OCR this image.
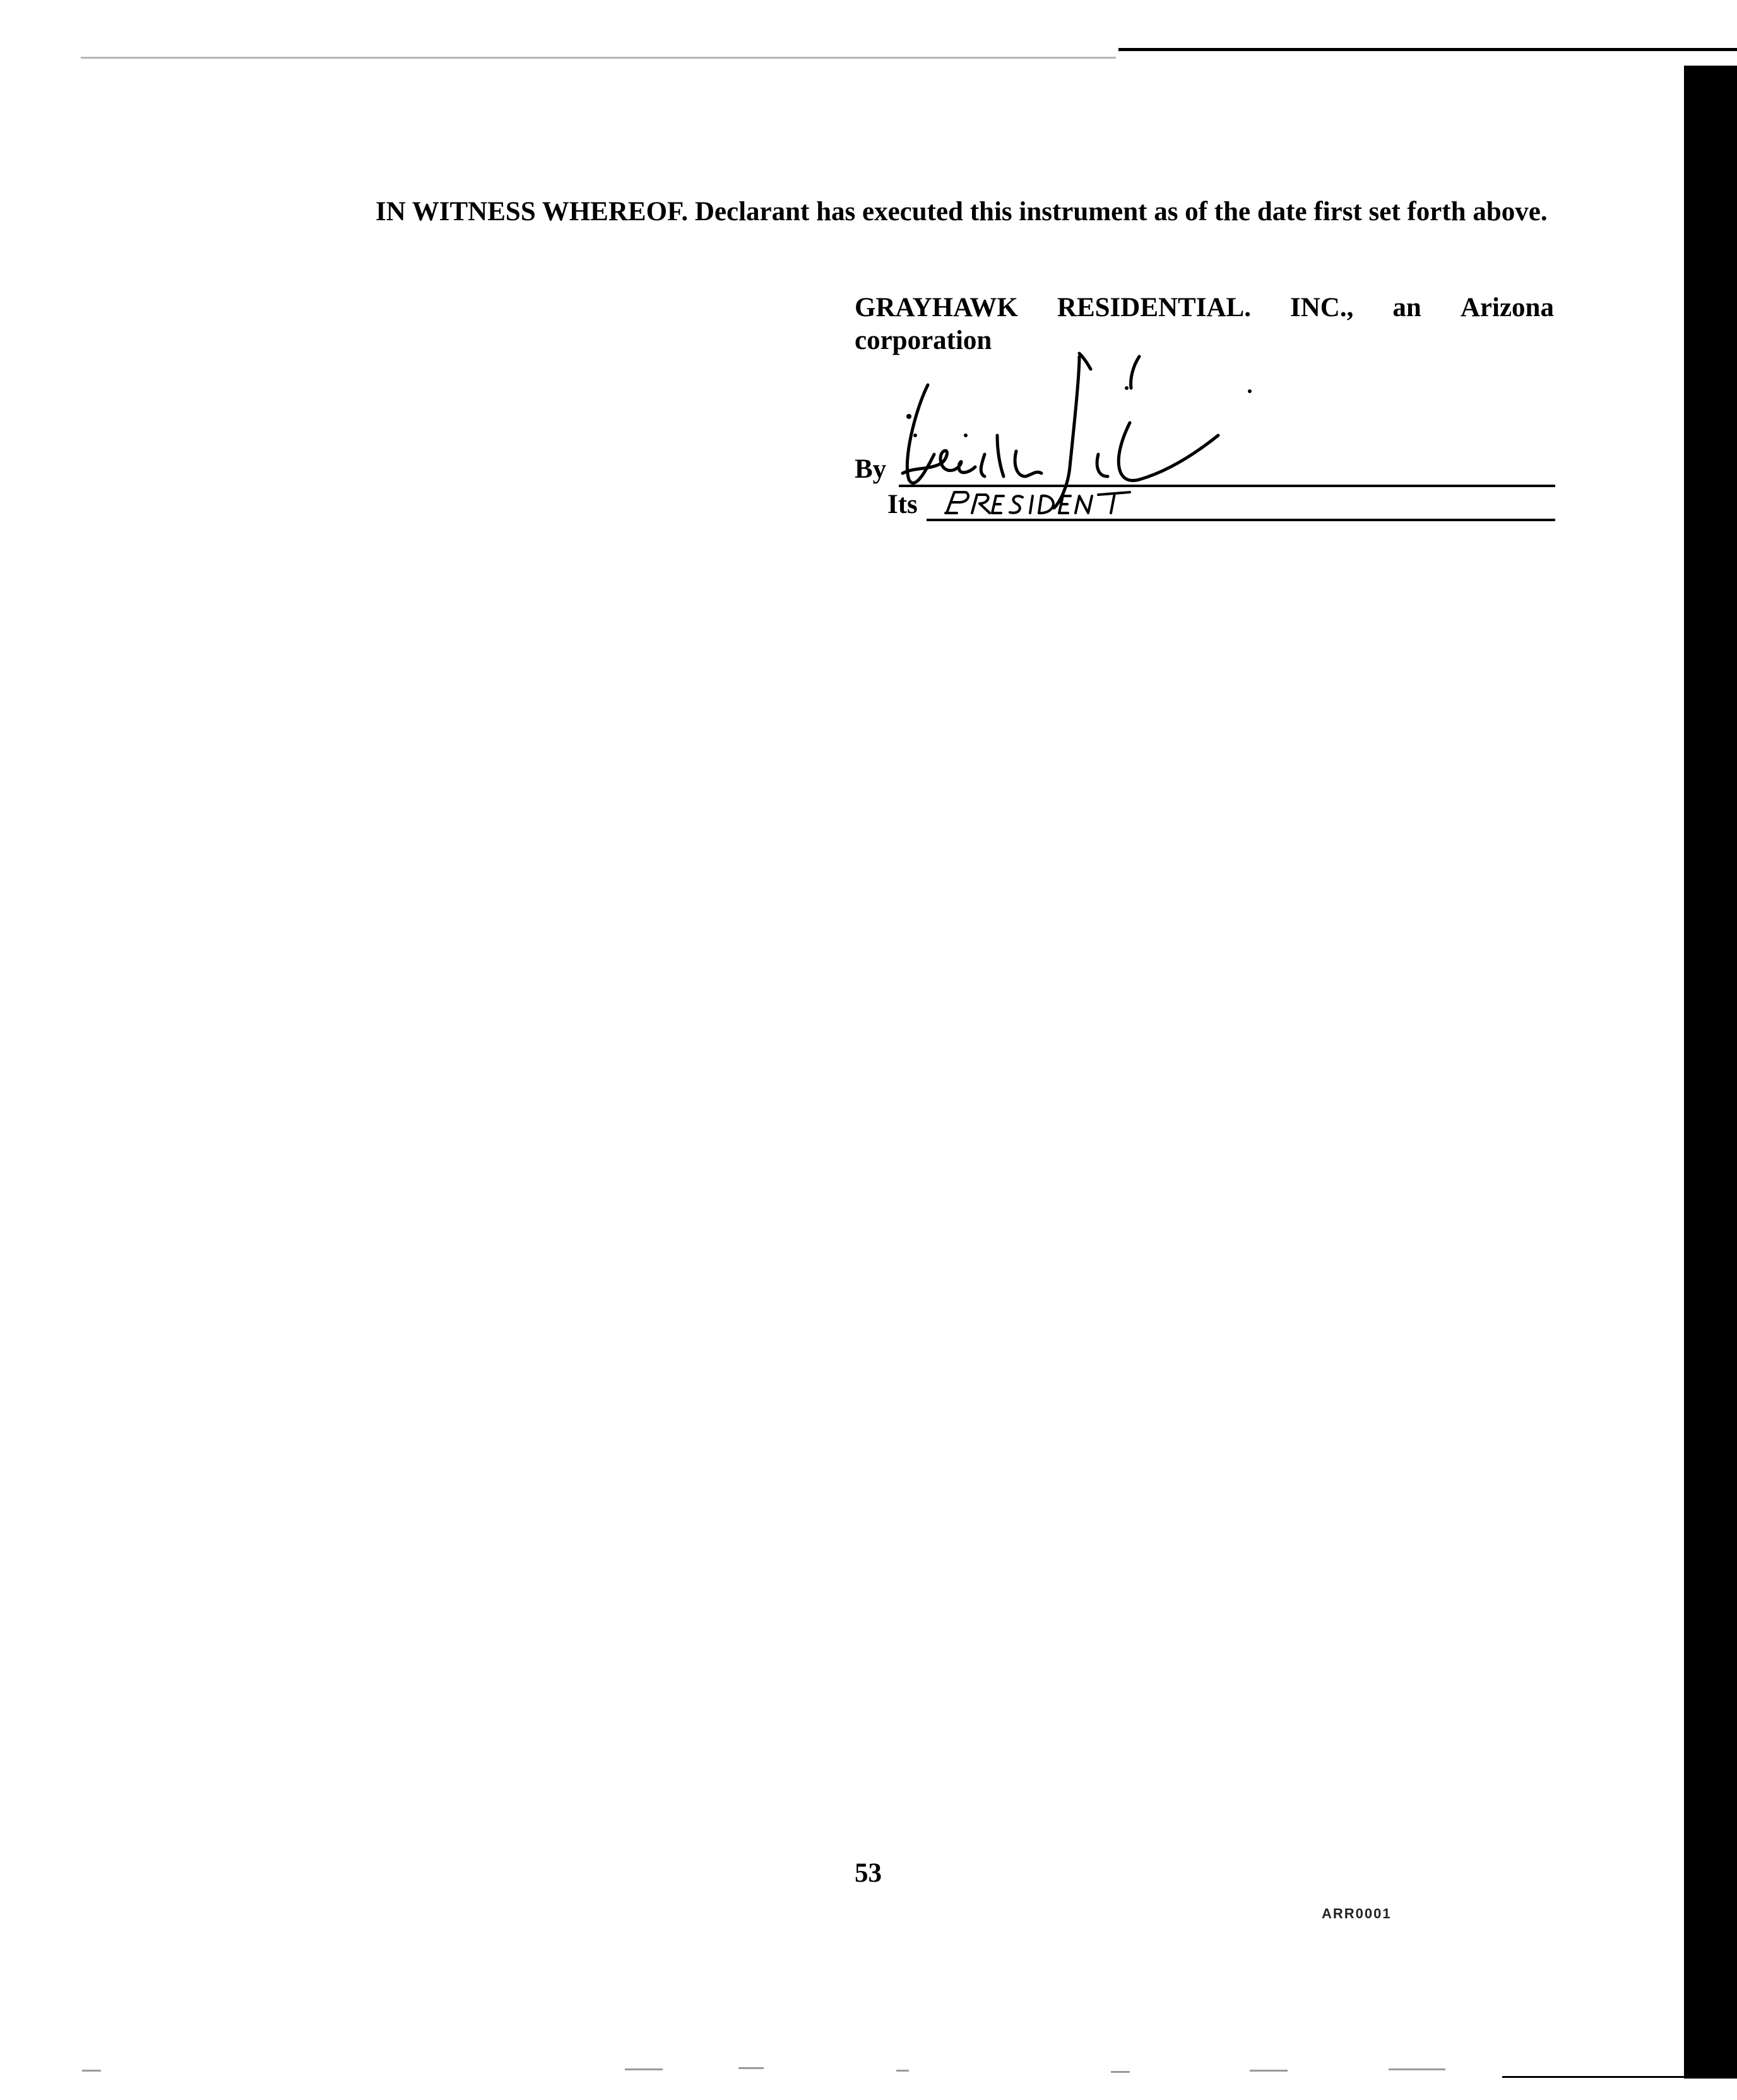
IN WITNESS WHEREOF. Declarant has executed this instrument as of the date first set forth above.

GRAYHAWK RESIDENTIAL. INC., an Arizona
corporation
By
Its
53
ARR0001
